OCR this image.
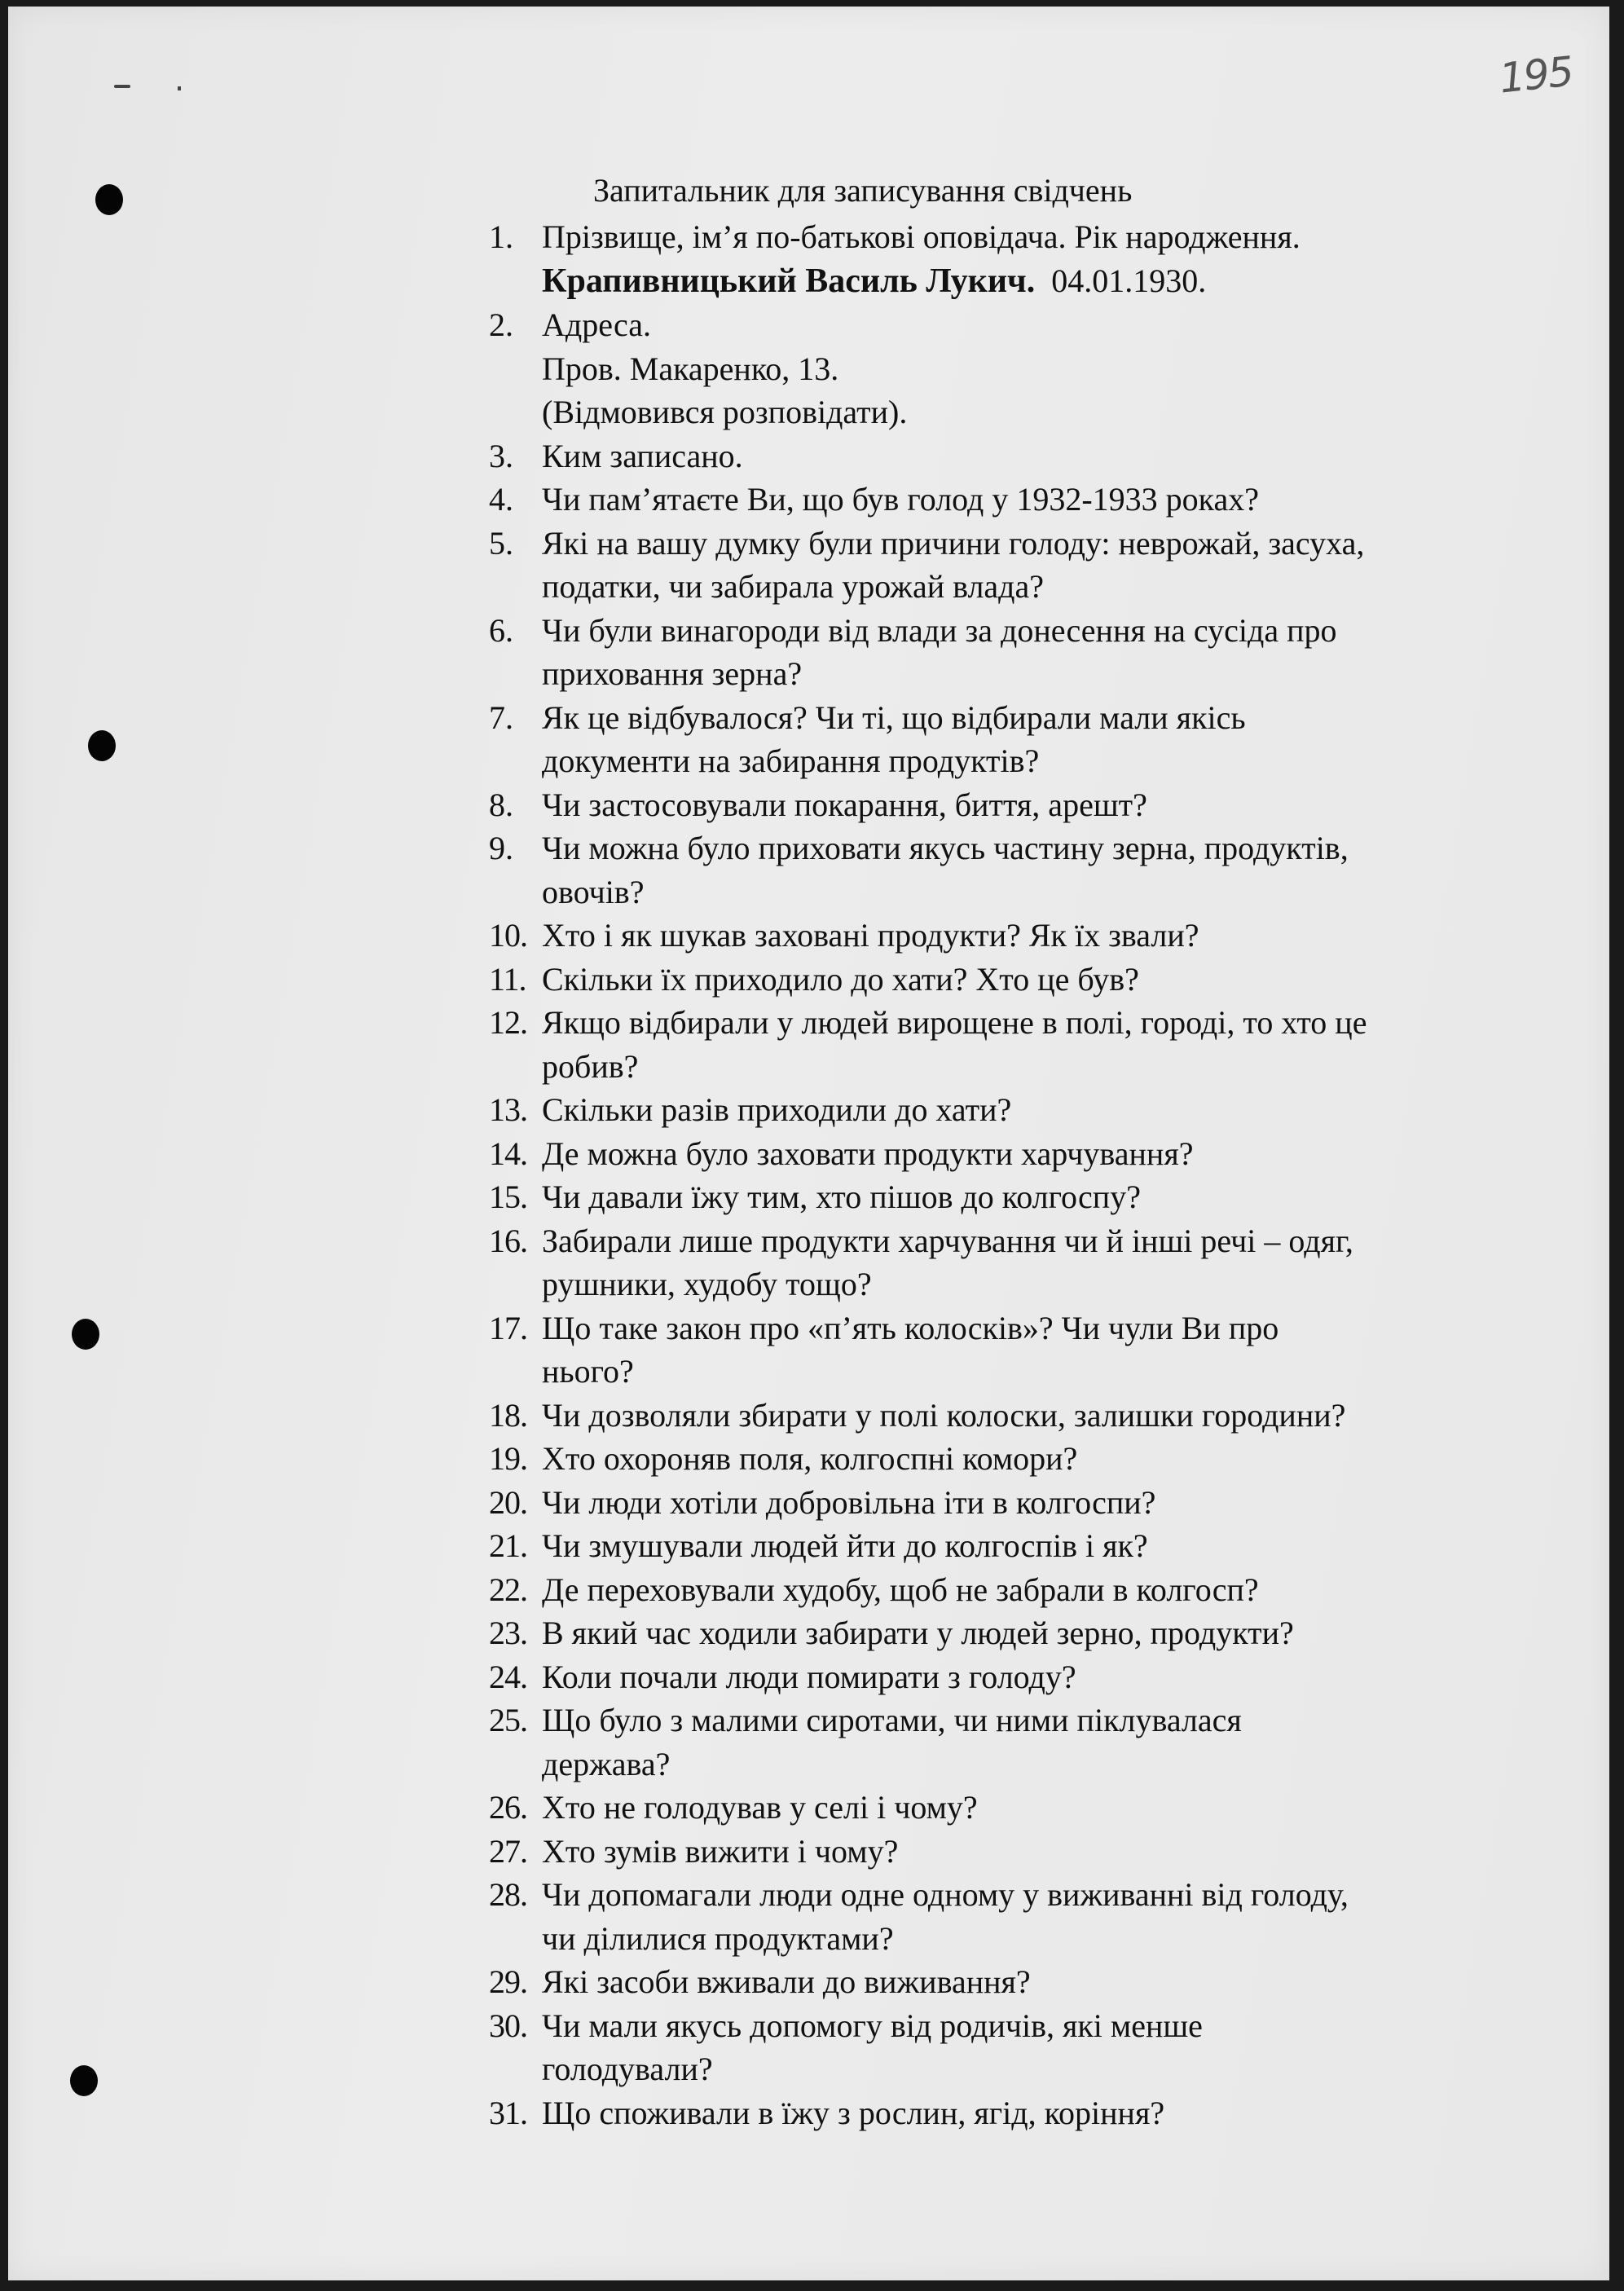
195
Запитальник для записування свідчень
1. Прізвище, ім’я по-батькові оповідача. Рік народження.
Крапивницький Василь Лукич. 04.01.1930.
2. Адреса.
Пров. Макаренко, 13.
(Відмовився розповідати).
3. Ким записано.
4. Чи пам’ятаєте Ви, що був голод у 1932-1933 роках?
5. Які на вашу думку були причини голоду: неврожай, засуха,
податки, чи забирала урожай влада?
6. Чи були винагороди від влади за донесення на сусіда про
приховання зерна?
7. Як це відбувалося? Чи ті, що відбирали мали якісь
документи на забирання продуктів?
8. Чи застосовували покарання, биття, арешт?
9. Чи можна було приховати якусь частину зерна, продуктів,
овочів?
10. Хто і як шукав заховані продукти? Як їх звали?
11. Скільки їх приходило до хати? Хто це був?
12. Якщо відбирали у людей вирощене в полі, городі, то хто це
робив?
13. Скільки разів приходили до хати?
14. Де можна було заховати продукти харчування?
15. Чи давали їжу тим, хто пішов до колгоспу?
16. Забирали лише продукти харчування чи й інші речі – одяг,
рушники, худобу тощо?
17. Що таке закон про «п’ять колосків»? Чи чули Ви про
нього?
18. Чи дозволяли збирати у полі колоски, залишки городини?
19. Хто охороняв поля, колгоспні комори?
20. Чи люди хотіли добровільна іти в колгоспи?
21. Чи змушували людей йти до колгоспів і як?
22. Де переховували худобу, щоб не забрали в колгосп?
23. В який час ходили забирати у людей зерно, продукти?
24. Коли почали люди помирати з голоду?
25. Що було з малими сиротами, чи ними піклувалася
держава?
26. Хто не голодував у селі і чому?
27. Хто зумів вижити і чому?
28. Чи допомагали люди одне одному у виживанні від голоду,
чи ділилися продуктами?
29. Які засоби вживали до виживання?
30. Чи мали якусь допомогу від родичів, які менше
голодували?
31. Що споживали в їжу з рослин, ягід, коріння?
